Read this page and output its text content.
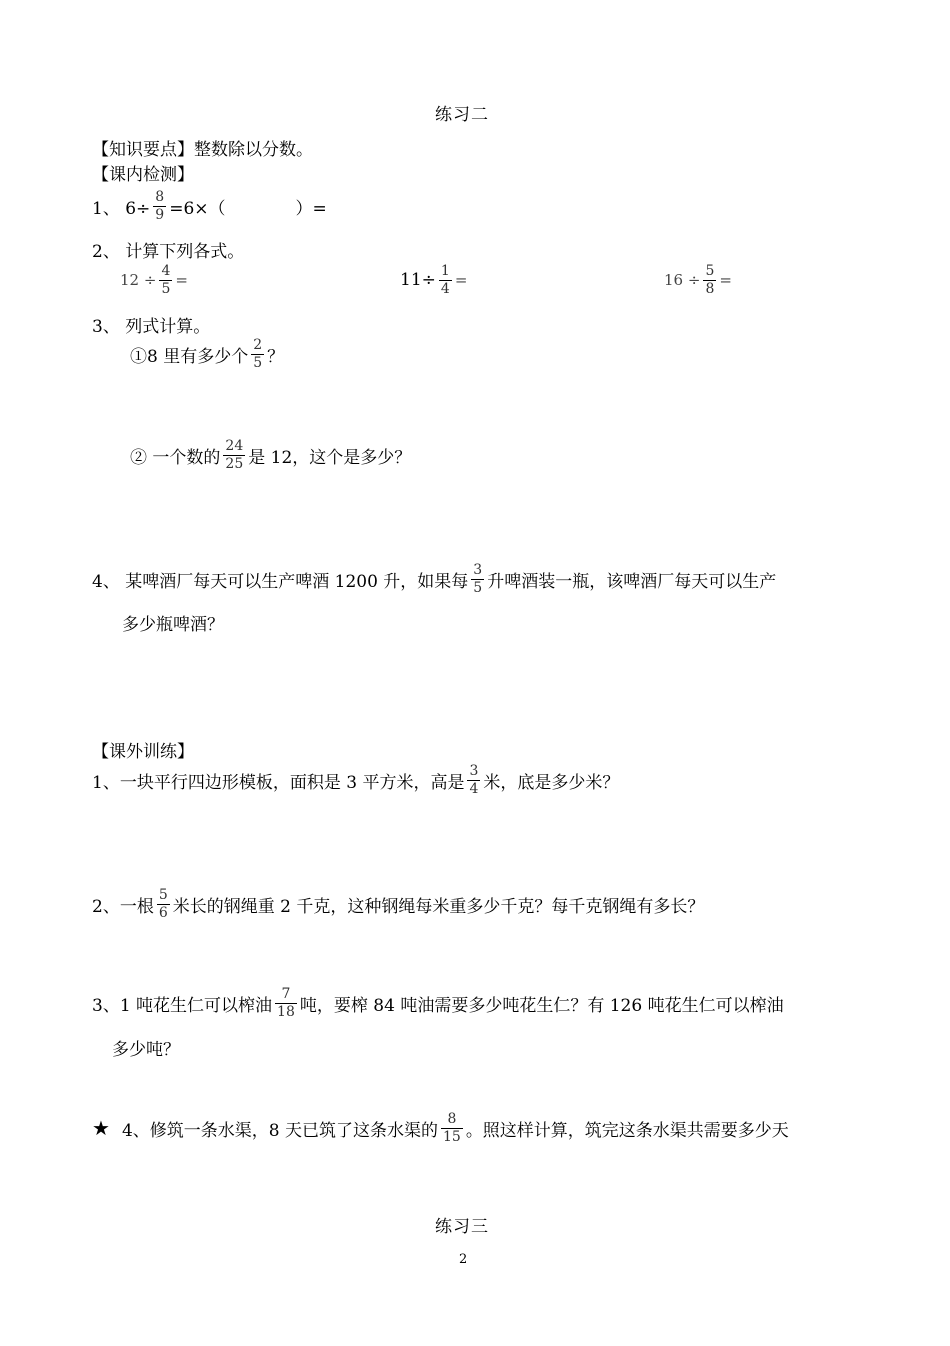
练习二
【知识要点】整数除以分数。
【课内检测】
1、 $6\div \frac{8}{9} =6\times$（	）=
2、 计算下列各式。
$12 \div \frac{4}{5}$ =	$11\div \frac{1}{4}$ =	$16 \div \frac{5}{8}$ =
3、 列式计算。
①8 里有多少个 $\frac{2}{5}$ ？
② 一个数的 $\frac{24}{25}$ 是 12，这个是多少？
4、 某啤酒厂每天可以生产啤酒 1200 升，如果每 $\frac{3}{5}$ 升啤酒装一瓶，该啤酒厂每天可以生产
多少瓶啤酒？
【课外训练】
1、一块平行四边形模板，面积是 3 平方米，高是 $\frac{3}{4}$ 米，底是多少米？
2、一根 $\frac{5}{6}$ 米长的钢绳重 2 千克，这种钢绳每米重多少千克？每千克钢绳有多长？
3、1 吨花生仁可以榨油 $\frac{7}{18}$ 吨，要榨 84 吨油需要多少吨花生仁？有 126 吨花生仁可以榨油
多少吨？
★ 4、修筑一条水渠，8 天已筑了这条水渠的 $\frac{8}{15}$ 。照这样计算，筑完这条水渠共需要多少天
练习三
2
